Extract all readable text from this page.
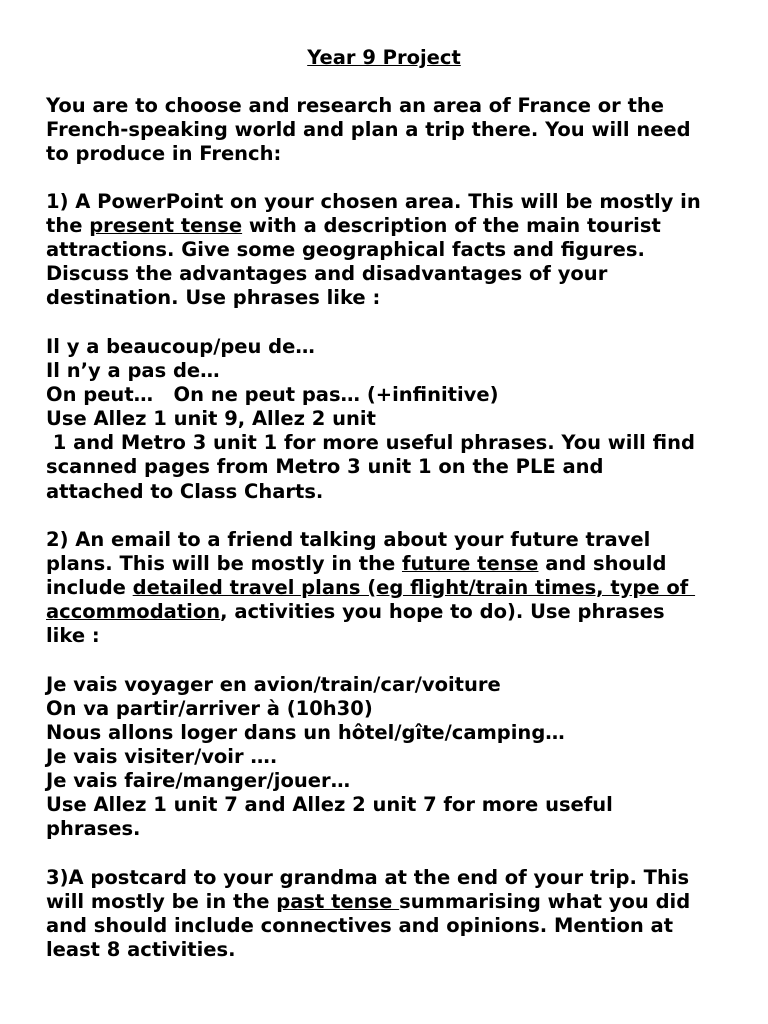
Year 9 Project
You are to choose and research an area of France or the
French-speaking world and plan a trip there. You will need
to produce in French:
1) A PowerPoint on your chosen area. This will be mostly in
the present tense with a description of the main tourist
attractions. Give some geographical facts and figures.
Discuss the advantages and disadvantages of your
destination. Use phrases like :
Il y a beaucoup/peu de…
Il n’y a pas de…
On peut…   On ne peut pas… (+infinitive)
Use Allez 1 unit 9, Allez 2 unit
1 and Metro 3 unit 1 for more useful phrases. You will find
scanned pages from Metro 3 unit 1 on the PLE and
attached to Class Charts.
2) An email to a friend talking about your future travel
plans. This will be mostly in the future tense and should
include detailed travel plans (eg flight/train times, type of
accommodation, activities you hope to do). Use phrases
like :
Je vais voyager en avion/train/car/voiture
On va partir/arriver à (10h30)
Nous allons loger dans un hôtel/gîte/camping…
Je vais visiter/voir ….
Je vais faire/manger/jouer…
Use Allez 1 unit 7 and Allez 2 unit 7 for more useful
phrases.
3)A postcard to your grandma at the end of your trip. This
will mostly be in the past tense summarising what you did
and should include connectives and opinions. Mention at
least 8 activities.
